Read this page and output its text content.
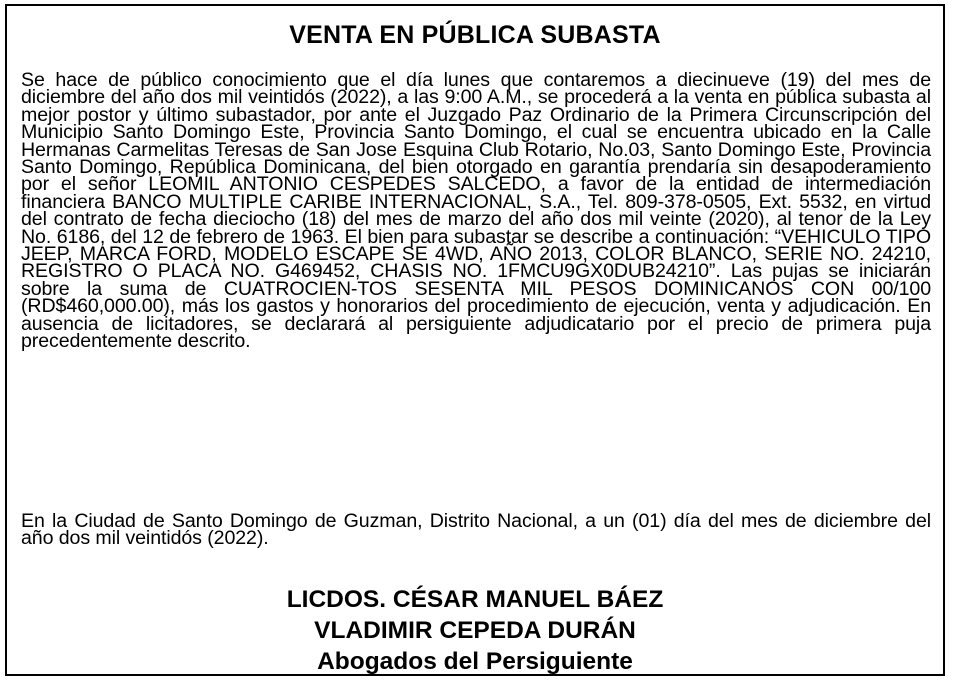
VENTA EN PÚBLICA SUBASTA
Se hace de público conocimiento que el día lunes que contaremos a diecinueve (19) del mes de diciembre del año dos mil veintidós (2022), a las 9:00 A.M., se procederá a la venta en pública subasta al mejor postor y último subastador, por ante el Juzgado Paz Ordinario de la Primera Circunscripción del Municipio Santo Domingo Este, Provincia Santo Domingo, el cual se encuentra ubicado en la Calle Hermanas Carmelitas Teresas de San Jose Esquina Club Rotario, No.03, Santo Domingo Este, Provincia Santo Domingo, República Dominicana, del bien otorgado en garantía prendaría sin desapoderamiento por el señor LEOMIL ANTONIO CESPEDES SALCEDO, a favor de la entidad de intermediación financiera BANCO MULTIPLE CARIBE INTERNACIONAL, S.A., Tel. 809-378-0505, Ext. 5532, en virtud del contrato de fecha dieciocho (18) del mes de marzo del año dos mil veinte (2020), al tenor de la Ley No. 6186, del 12 de febrero de 1963. El bien para subastar se describe a continuación: “VEHICULO TIPO JEEP, MARCA FORD, MODELO ESCAPE SE 4WD, AÑO 2013, COLOR BLANCO, SERIE NO. 24210, REGISTRO O PLACA NO. G469452, CHASIS NO. 1FMCU9GX0DUB24210”. Las pujas se iniciarán sobre la suma de CUATROCIEN-TOS SESENTA MIL PESOS DOMINICANOS CON 00/100 (RD$460,000.00), más los gastos y honorarios del procedimiento de ejecución, venta y adjudicación. En ausencia de licitadores, se declarará al persiguiente adjudicatario por el precio de primera puja precedentemente descrito.
En la Ciudad de Santo Domingo de Guzman, Distrito Nacional, a un (01) día del mes de diciembre del año dos mil veintidós (2022).
LICDOS. CÉSAR MANUEL BÁEZ
VLADIMIR CEPEDA DURÁN
Abogados del Persiguiente
